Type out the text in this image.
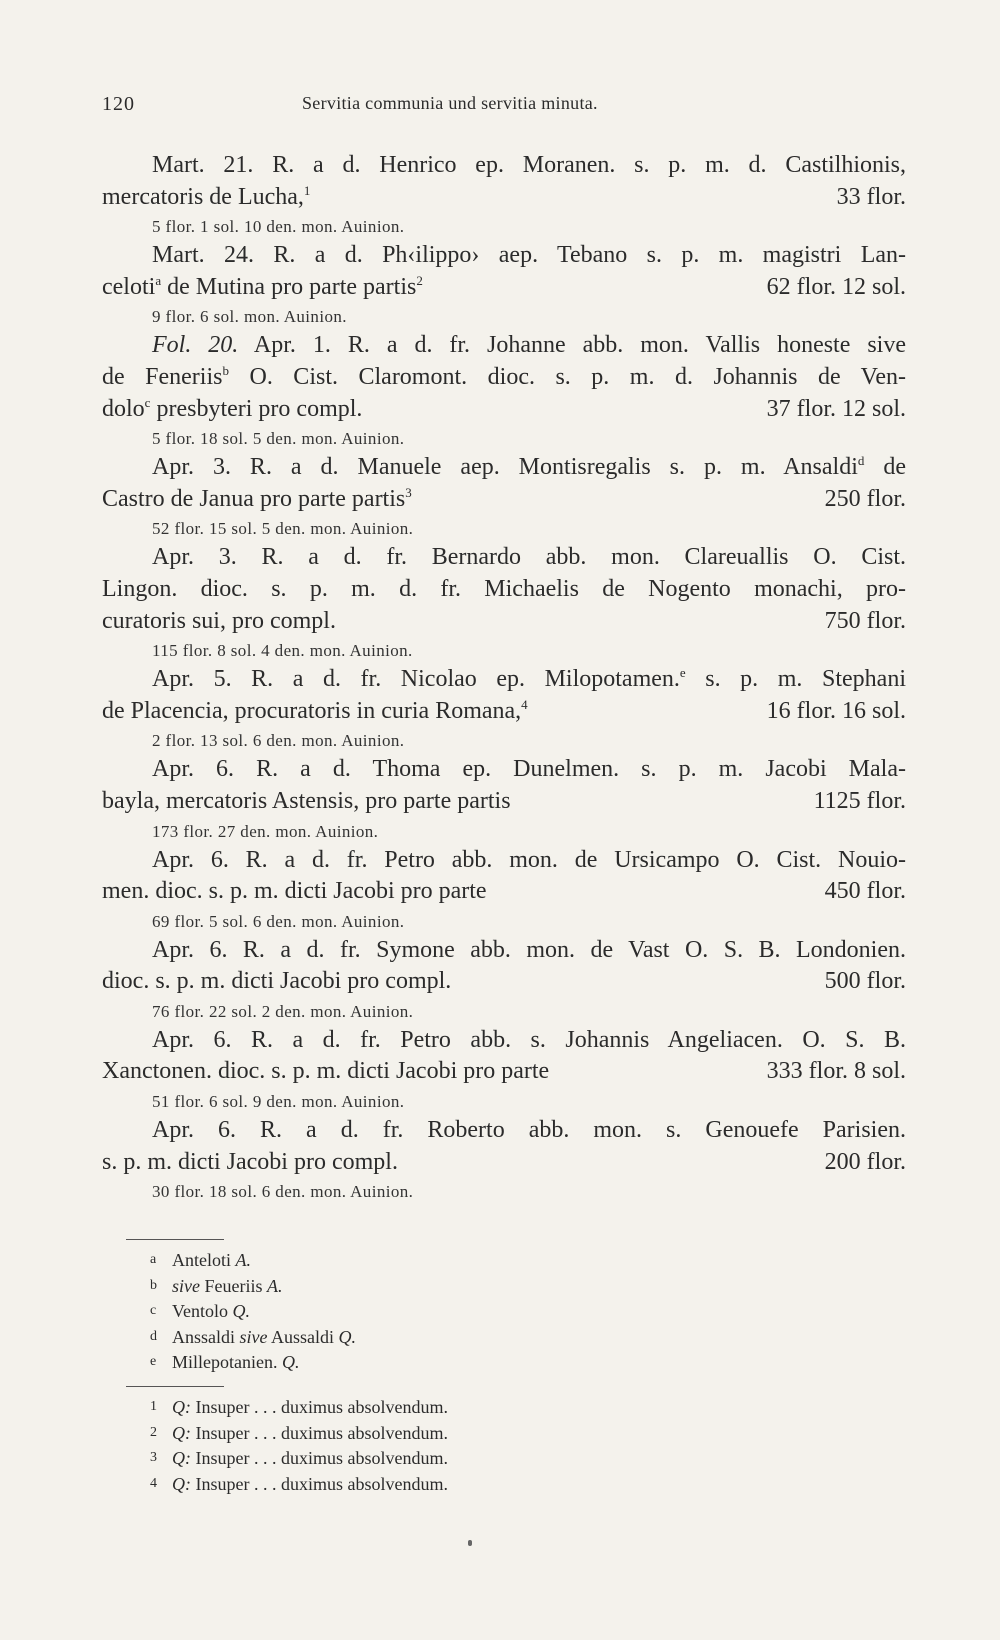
120	Servitia communia und servitia minuta.
Mart. 21. R. a d. Henrico ep. Moranen. s. p. m. d. Castilhionis,
mercatoris de Lucha,$^1$	33 flor.
5 flor. 1 sol. 10 den. mon. Auinion.
Mart. 24. R. a d. Ph‹ilippo› aep. Tebano s. p. m. magistri Lan-
celoti$^a$ de Mutina pro parte partis$^2$	62 flor. 12 sol.
9 flor. 6 sol. mon. Auinion.
Fol. 20. Apr. 1. R. a d. fr. Johanne abb. mon. Vallis honeste sive
de Feneriis$^b$ O. Cist. Claromont. dioc. s. p. m. d. Johannis de Ven-
dolo$^c$ presbyteri pro compl.	37 flor. 12 sol.
5 flor. 18 sol. 5 den. mon. Auinion.
Apr. 3. R. a d. Manuele aep. Montisregalis s. p. m. Ansaldi$^d$ de
Castro de Janua pro parte partis$^3$	250 flor.
52 flor. 15 sol. 5 den. mon. Auinion.
Apr. 3. R. a d. fr. Bernardo abb. mon. Clareuallis O. Cist.
Lingon. dioc. s. p. m. d. fr. Michaelis de Nogento monachi, pro-
curatoris sui, pro compl.	750 flor.
115 flor. 8 sol. 4 den. mon. Auinion.
Apr. 5. R. a d. fr. Nicolao ep. Milopotamen.$^e$ s. p. m. Stephani
de Placencia, procuratoris in curia Romana,$^4$	16 flor. 16 sol.
2 flor. 13 sol. 6 den. mon. Auinion.
Apr. 6. R. a d. Thoma ep. Dunelmen. s. p. m. Jacobi Mala-
bayla, mercatoris Astensis, pro parte partis	1125 flor.
173 flor. 27 den. mon. Auinion.
Apr. 6. R. a d. fr. Petro abb. mon. de Ursicampo O. Cist. Nouio-
men. dioc. s. p. m. dicti Jacobi pro parte	450 flor.
69 flor. 5 sol. 6 den. mon. Auinion.
Apr. 6. R. a d. fr. Symone abb. mon. de Vast O. S. B. Londonien.
dioc. s. p. m. dicti Jacobi pro compl.	500 flor.
76 flor. 22 sol. 2 den. mon. Auinion.
Apr. 6. R. a d. fr. Petro abb. s. Johannis Angeliacen. O. S. B.
Xanctonen. dioc. s. p. m. dicti Jacobi pro parte	333 flor. 8 sol.
51 flor. 6 sol. 9 den. mon. Auinion.
Apr. 6. R. a d. fr. Roberto abb. mon. s. Genouefe Parisien.
s. p. m. dicti Jacobi pro compl.	200 flor.
30 flor. 18 sol. 6 den. mon. Auinion.
a Anteloti A.
b sive Feueriis A.
c Ventolo Q.
d Anssaldi sive Aussaldi Q.
e Millepotanien. Q.
1 Q: Insuper . . . duximus absolvendum.
2 Q: Insuper . . . duximus absolvendum.
3 Q: Insuper . . . duximus absolvendum.
4 Q: Insuper . . . duximus absolvendum.
